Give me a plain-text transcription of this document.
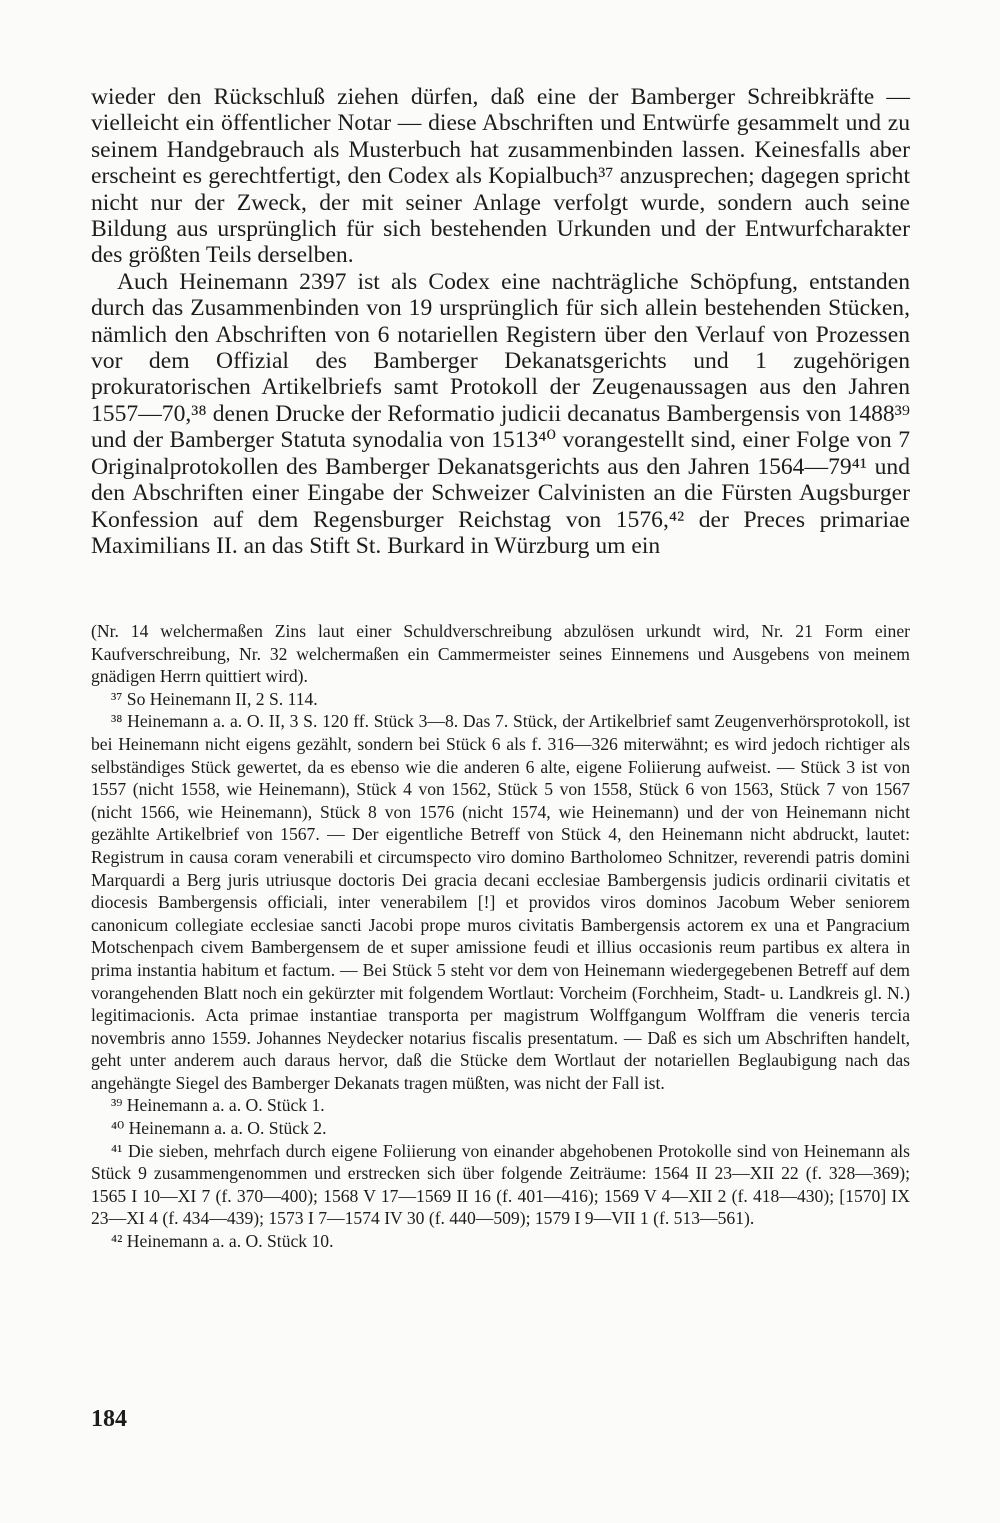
wieder den Rückschluß ziehen dürfen, daß eine der Bamberger Schreibkräfte — vielleicht ein öffentlicher Notar — diese Abschriften und Entwürfe gesammelt und zu seinem Handgebrauch als Musterbuch hat zusammenbinden lassen. Keinesfalls aber erscheint es gerechtfertigt, den Codex als Kopialbuch³⁷ anzusprechen; dagegen spricht nicht nur der Zweck, der mit seiner Anlage verfolgt wurde, sondern auch seine Bildung aus ursprünglich für sich bestehenden Urkunden und der Entwurfcharakter des größten Teils derselben.

Auch Heinemann 2397 ist als Codex eine nachträgliche Schöpfung, entstanden durch das Zusammenbinden von 19 ursprünglich für sich allein bestehenden Stücken, nämlich den Abschriften von 6 notariellen Registern über den Verlauf von Prozessen vor dem Offizial des Bamberger Dekanatsgerichts und 1 zugehörigen prokuratorischen Artikelbriefs samt Protokoll der Zeugenaussagen aus den Jahren 1557—70,³⁸ denen Drucke der Reformatio judicii decanatus Bambergensis von 1488³⁹ und der Bamberger Statuta synodalia von 1513⁴⁰ vorangestellt sind, einer Folge von 7 Originalprotokollen des Bamberger Dekanatsgerichts aus den Jahren 1564—79⁴¹ und den Abschriften einer Eingabe der Schweizer Calvinisten an die Fürsten Augsburger Konfession auf dem Regensburger Reichstag von 1576,⁴² der Preces primariae Maximilians II. an das Stift St. Burkard in Würzburg um ein

(Nr. 14 welchermaßen Zins laut einer Schuldverschreibung abzulösen urkundt wird, Nr. 21 Form einer Kaufverschreibung, Nr. 32 welchermaßen ein Cammermeister seines Einnemens und Ausgebens von meinem gnädigen Herrn quittiert wird).

³⁷ So Heinemann II, 2 S. 114.

³⁸ Heinemann a. a. O. II, 3 S. 120 ff. Stück 3—8. Das 7. Stück, der Artikelbrief samt Zeugenverhörsprotokoll, ist bei Heinemann nicht eigens gezählt, sondern bei Stück 6 als f. 316—326 miterwähnt; es wird jedoch richtiger als selbständiges Stück gewertet, da es ebenso wie die anderen 6 alte, eigene Foliierung aufweist. — Stück 3 ist von 1557 (nicht 1558, wie Heinemann), Stück 4 von 1562, Stück 5 von 1558, Stück 6 von 1563, Stück 7 von 1567 (nicht 1566, wie Heinemann), Stück 8 von 1576 (nicht 1574, wie Heinemann) und der von Heinemann nicht gezählte Artikelbrief von 1567. — Der eigentliche Betreff von Stück 4, den Heinemann nicht abdruckt, lautet: Registrum in causa coram venerabili et circumspecto viro domino Bartholomeo Schnitzer, reverendi patris domini Marquardi a Berg juris utriusque doctoris Dei gracia decani ecclesiae Bambergensis judicis ordinarii civitatis et diocesis Bambergensis officiali, inter venerabilem [!] et providos viros dominos Jacobum Weber seniorem canonicum collegiate ecclesiae sancti Jacobi prope muros civitatis Bambergensis actorem ex una et Pangracium Motschenpach civem Bambergensem de et super amissione feudi et illius occasionis reum partibus ex altera in prima instantia habitum et factum. — Bei Stück 5 steht vor dem von Heinemann wiedergegebenen Betreff auf dem vorangehenden Blatt noch ein gekürzter mit folgendem Wortlaut: Vorcheim (Forchheim, Stadt- u. Landkreis gl. N.) legitimacionis. Acta primae instantiae transporta per magistrum Wolffgangum Wolffram die veneris tercia novembris anno 1559. Johannes Neydecker notarius fiscalis presentatum. — Daß es sich um Abschriften handelt, geht unter anderem auch daraus hervor, daß die Stücke dem Wortlaut der notariellen Beglaubigung nach das angehängte Siegel des Bamberger Dekanats tragen müßten, was nicht der Fall ist.

³⁹ Heinemann a. a. O. Stück 1.

⁴⁰ Heinemann a. a. O. Stück 2.

⁴¹ Die sieben, mehrfach durch eigene Foliierung von einander abgehobenen Protokolle sind von Heinemann als Stück 9 zusammengenommen und erstrecken sich über folgende Zeiträume: 1564 II 23—XII 22 (f. 328—369); 1565 I 10—XI 7 (f. 370—400); 1568 V 17—1569 II 16 (f. 401—416); 1569 V 4—XII 2 (f. 418—430); [1570] IX 23—XI 4 (f. 434—439); 1573 I 7—1574 IV 30 (f. 440—509); 1579 I 9—VII 1 (f. 513—561).

⁴² Heinemann a. a. O. Stück 10.

184
